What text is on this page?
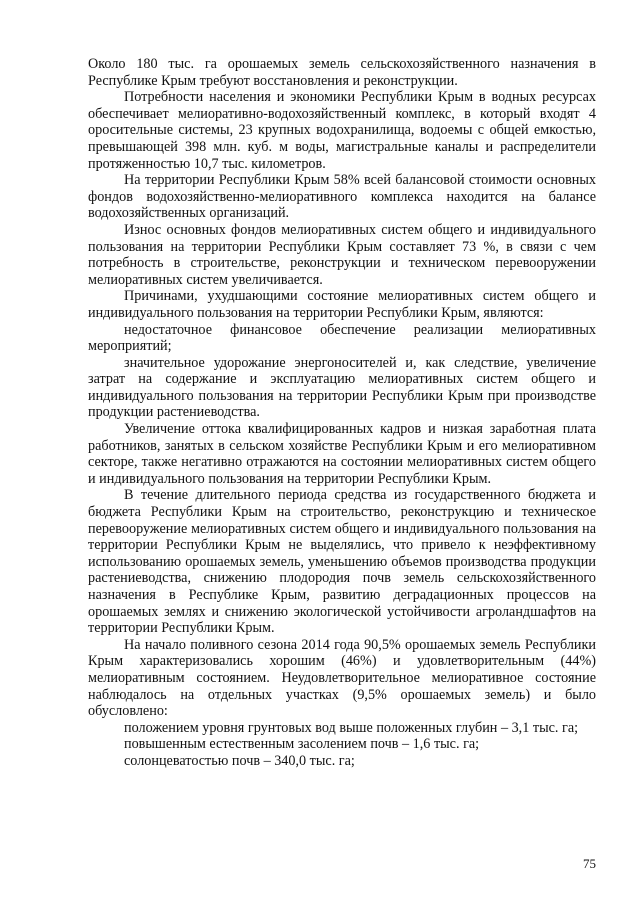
Около 180 тыс. га орошаемых земель сельскохозяйственного назначения в Республике Крым требуют восстановления и реконструкции.

Потребности населения и экономики Республики Крым в водных ресурсах обеспечивает мелиоративно-водохозяйственный комплекс, в который входят 4 оросительные системы, 23 крупных водохранилища, водоемы с общей емкостью, превышающей 398 млн. куб. м воды, магистральные каналы и распределители протяженностью 10,7 тыс. километров.

На территории Республики Крым 58% всей балансовой стоимости основных фондов водохозяйственно-мелиоративного комплекса находится на балансе водохозяйственных организаций.

Износ основных фондов мелиоративных систем общего и индивидуального пользования на территории Республики Крым составляет 73 %, в связи с чем потребность в строительстве, реконструкции и техническом перевооружении мелиоративных систем увеличивается.

Причинами, ухудшающими состояние мелиоративных систем общего и индивидуального пользования на территории Республики Крым, являются:

недостаточное финансовое обеспечение реализации мелиоративных мероприятий;

значительное удорожание энергоносителей и, как следствие, увеличение затрат на содержание и эксплуатацию мелиоративных систем общего и индивидуального пользования на территории Республики Крым при производстве продукции растениеводства.

Увеличение оттока квалифицированных кадров и низкая заработная плата работников, занятых в сельском хозяйстве Республики Крым и его мелиоративном секторе, также негативно отражаются на состоянии мелиоративных систем общего и индивидуального пользования на территории Республики Крым.

В течение длительного периода средства из государственного бюджета и бюджета Республики Крым на строительство, реконструкцию и техническое перевооружение мелиоративных систем общего и индивидуального пользования на территории Республики Крым не выделялись, что привело к неэффективному использованию орошаемых земель, уменьшению объемов производства продукции растениеводства, снижению плодородия почв земель сельскохозяйственного назначения в Республике Крым, развитию деградационных процессов на орошаемых землях и снижению экологической устойчивости агроландшафтов на территории Республики Крым.

На начало поливного сезона 2014 года 90,5% орошаемых земель Республики Крым характеризовались хорошим (46%) и удовлетворительным (44%) мелиоративным состоянием. Неудовлетворительное мелиоративное состояние наблюдалось на отдельных участках (9,5% орошаемых земель) и было обусловлено:

положением уровня грунтовых вод выше положенных глубин – 3,1 тыс. га;

повышенным естественным засолением почв – 1,6 тыс. га;

солонцеватостью почв – 340,0 тыс. га;

75
